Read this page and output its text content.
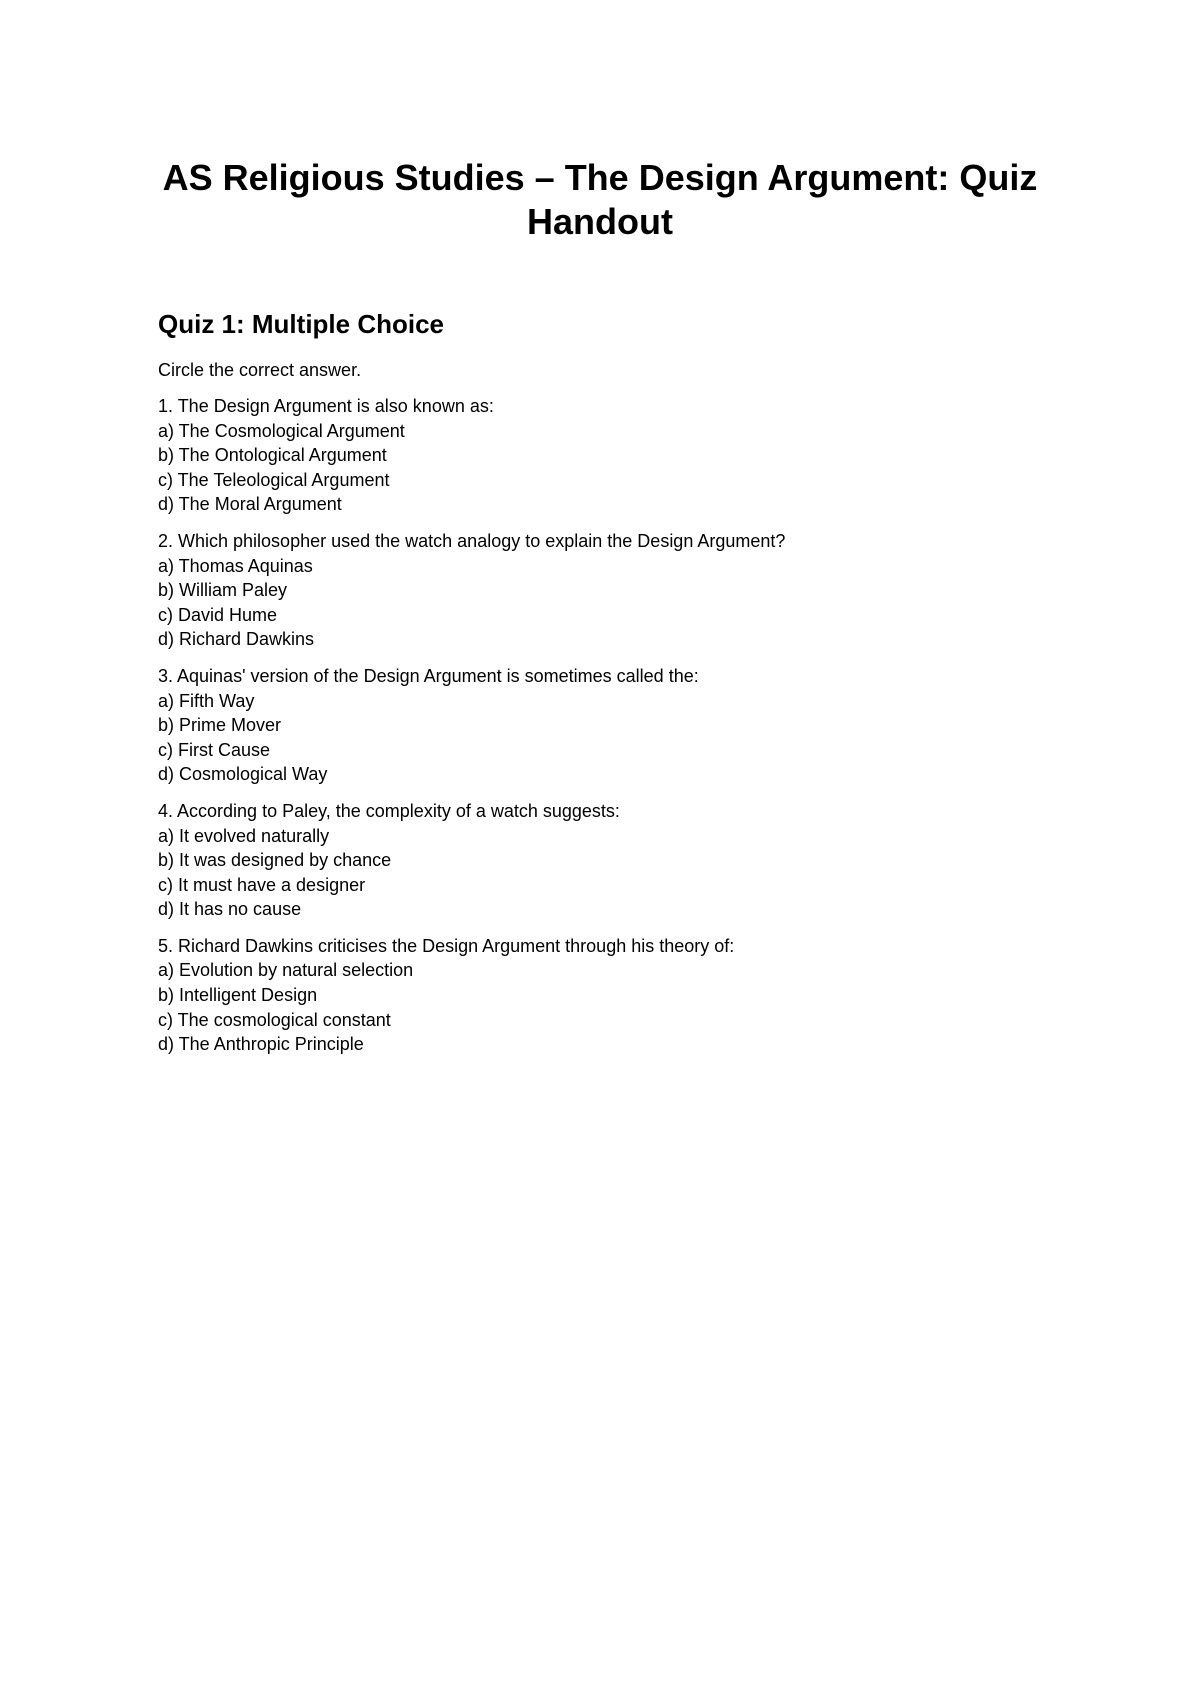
AS Religious Studies – The Design Argument: Quiz Handout
Quiz 1: Multiple Choice

Circle the correct answer.

1. The Design Argument is also known as:
a) The Cosmological Argument
b) The Ontological Argument
c) The Teleological Argument
d) The Moral Argument
2. Which philosopher used the watch analogy to explain the Design Argument?
a) Thomas Aquinas
b) William Paley
c) David Hume
d) Richard Dawkins
3. Aquinas' version of the Design Argument is sometimes called the:
a) Fifth Way
b) Prime Mover
c) First Cause
d) Cosmological Way
4. According to Paley, the complexity of a watch suggests:
a) It evolved naturally
b) It was designed by chance
c) It must have a designer
d) It has no cause
5. Richard Dawkins criticises the Design Argument through his theory of:
a) Evolution by natural selection
b) Intelligent Design
c) The cosmological constant
d) The Anthropic Principle
